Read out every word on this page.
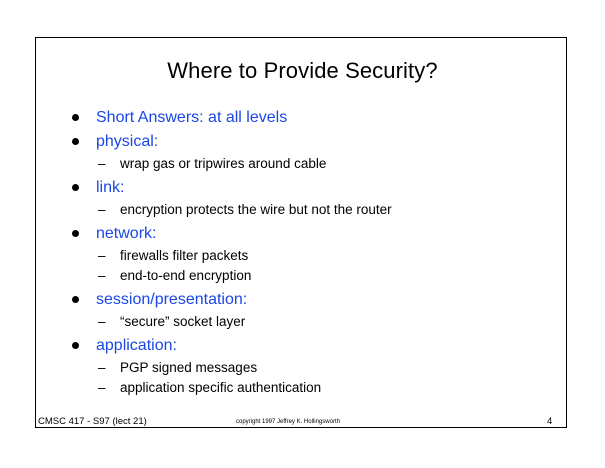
Where to Provide Security?
Short Answers: at all levels
physical:
– wrap gas or tripwires around cable
link:
– encryption protects the wire but not the router
network:
– firewalls filter packets
– end-to-end encryption
session/presentation:
– “secure” socket layer
application:
– PGP signed messages
– application specific authentication
CMSC 417 - S97 (lect 21)	copyright 1997 Jeffrey K. Hollingsworth	4
